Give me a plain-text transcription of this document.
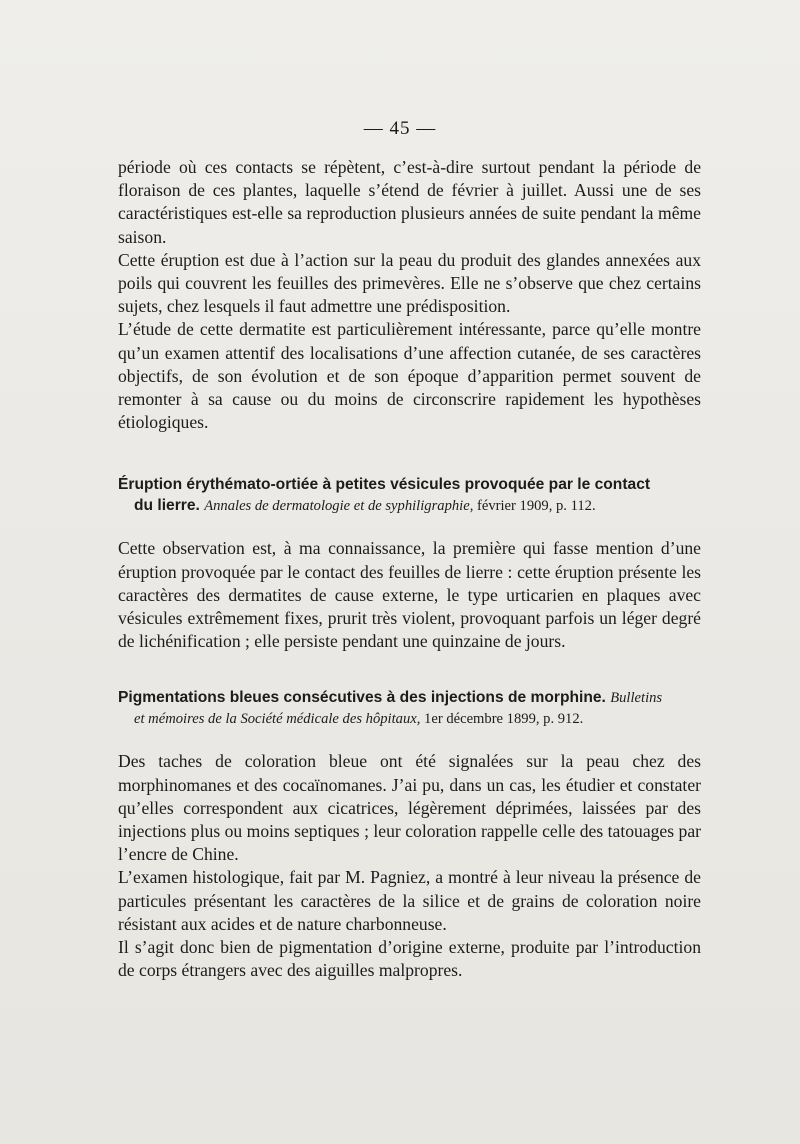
— 45 —

période où ces contacts se répètent, c’est-à-dire surtout pendant la période de floraison de ces plantes, laquelle s’étend de février à juillet. Aussi une de ses caractéristiques est-elle sa reproduction plusieurs années de suite pendant la même saison.

Cette éruption est due à l’action sur la peau du produit des glandes annexées aux poils qui couvrent les feuilles des primevères. Elle ne s’observe que chez certains sujets, chez lesquels il faut admettre une prédisposition.

L’étude de cette dermatite est particulièrement intéressante, parce qu’elle montre qu’un examen attentif des localisations d’une affection cutanée, de ses caractères objectifs, de son évolution et de son époque d’apparition permet souvent de remonter à sa cause ou du moins de circonscrire rapidement les hypothèses étiologiques.

Éruption érythémato-ortiée à petites vésicules provoquée par le contact
du lierre. Annales de dermatologie et de syphiligraphie, février 1909, p. 112.

Cette observation est, à ma connaissance, la première qui fasse mention d’une éruption provoquée par le contact des feuilles de lierre : cette éruption présente les caractères des dermatites de cause externe, le type urticarien en plaques avec vésicules extrêmement fixes, prurit très violent, provoquant parfois un léger degré de lichénification ; elle persiste pendant une quinzaine de jours.

Pigmentations bleues consécutives à des injections de morphine. Bulletins
et mémoires de la Société médicale des hôpitaux, 1er décembre 1899, p. 912.

Des taches de coloration bleue ont été signalées sur la peau chez des morphinomanes et des cocaïnomanes. J’ai pu, dans un cas, les étudier et constater qu’elles correspondent aux cicatrices, légèrement déprimées, laissées par des injections plus ou moins septiques ; leur coloration rappelle celle des tatouages par l’encre de Chine.

L’examen histologique, fait par M. Pagniez, a montré à leur niveau la présence de particules présentant les caractères de la silice et de grains de coloration noire résistant aux acides et de nature charbonneuse.

Il s’agit donc bien de pigmentation d’origine externe, produite par l’introduction de corps étrangers avec des aiguilles malpropres.
